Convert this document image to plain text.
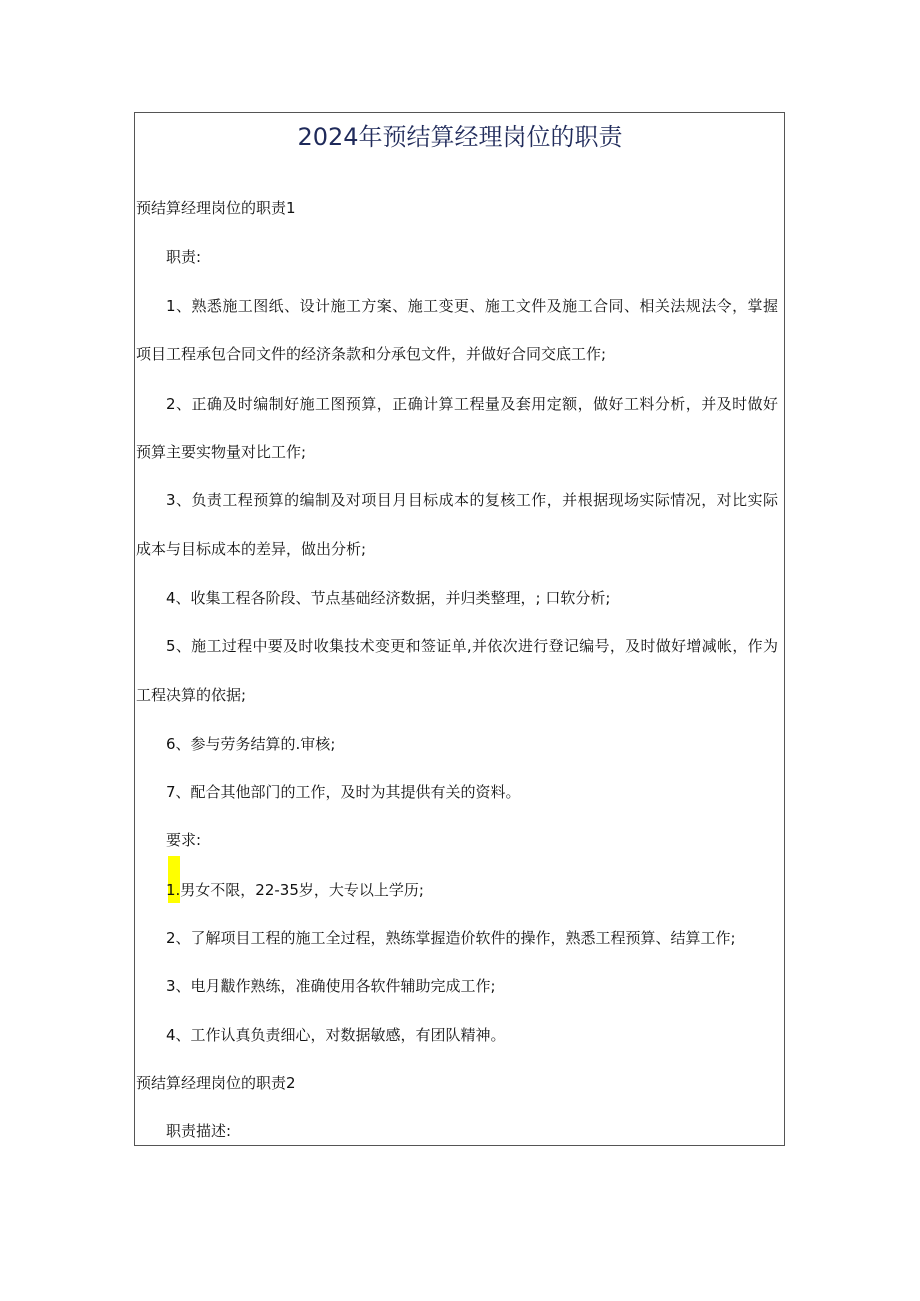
2024年预结算经理岗位的职责

预结算经理岗位的职责1

职责:

1、熟悉施工图纸、设计施工方案、施工变更、施工文件及施工合同、相关法规法令，掌握

项目工程承包合同文件的经济条款和分承包文件，并做好合同交底工作;

2、正确及时编制好施工图预算，正确计算工程量及套用定额，做好工料分析，并及时做好

预算主要实物量对比工作;

3、负责工程预算的编制及对项目月目标成本的复核工作，并根据现场实际情况，对比实际

成本与目标成本的差异，做出分析;

4、收集工程各阶段、节点基础经济数据，并归类整理，; 口软分析;

5、施工过程中要及时收集技术变更和签证单,并依次进行登记编号，及时做好增减帐，作为

工程决算的依据;

6、参与劳务结算的.审核;

7、配合其他部门的工作，及时为其提供有关的资料。

要求:

1.男女不限，22-35岁，大专以上学历;

2、了解项目工程的施工全过程，熟练掌握造价软件的操作，熟悉工程预算、结算工作;

3、电月黻作熟练，准确使用各软件辅助完成工作;

4、工作认真负责细心，对数据敏感，有团队精神。

预结算经理岗位的职责2

职责描述:
